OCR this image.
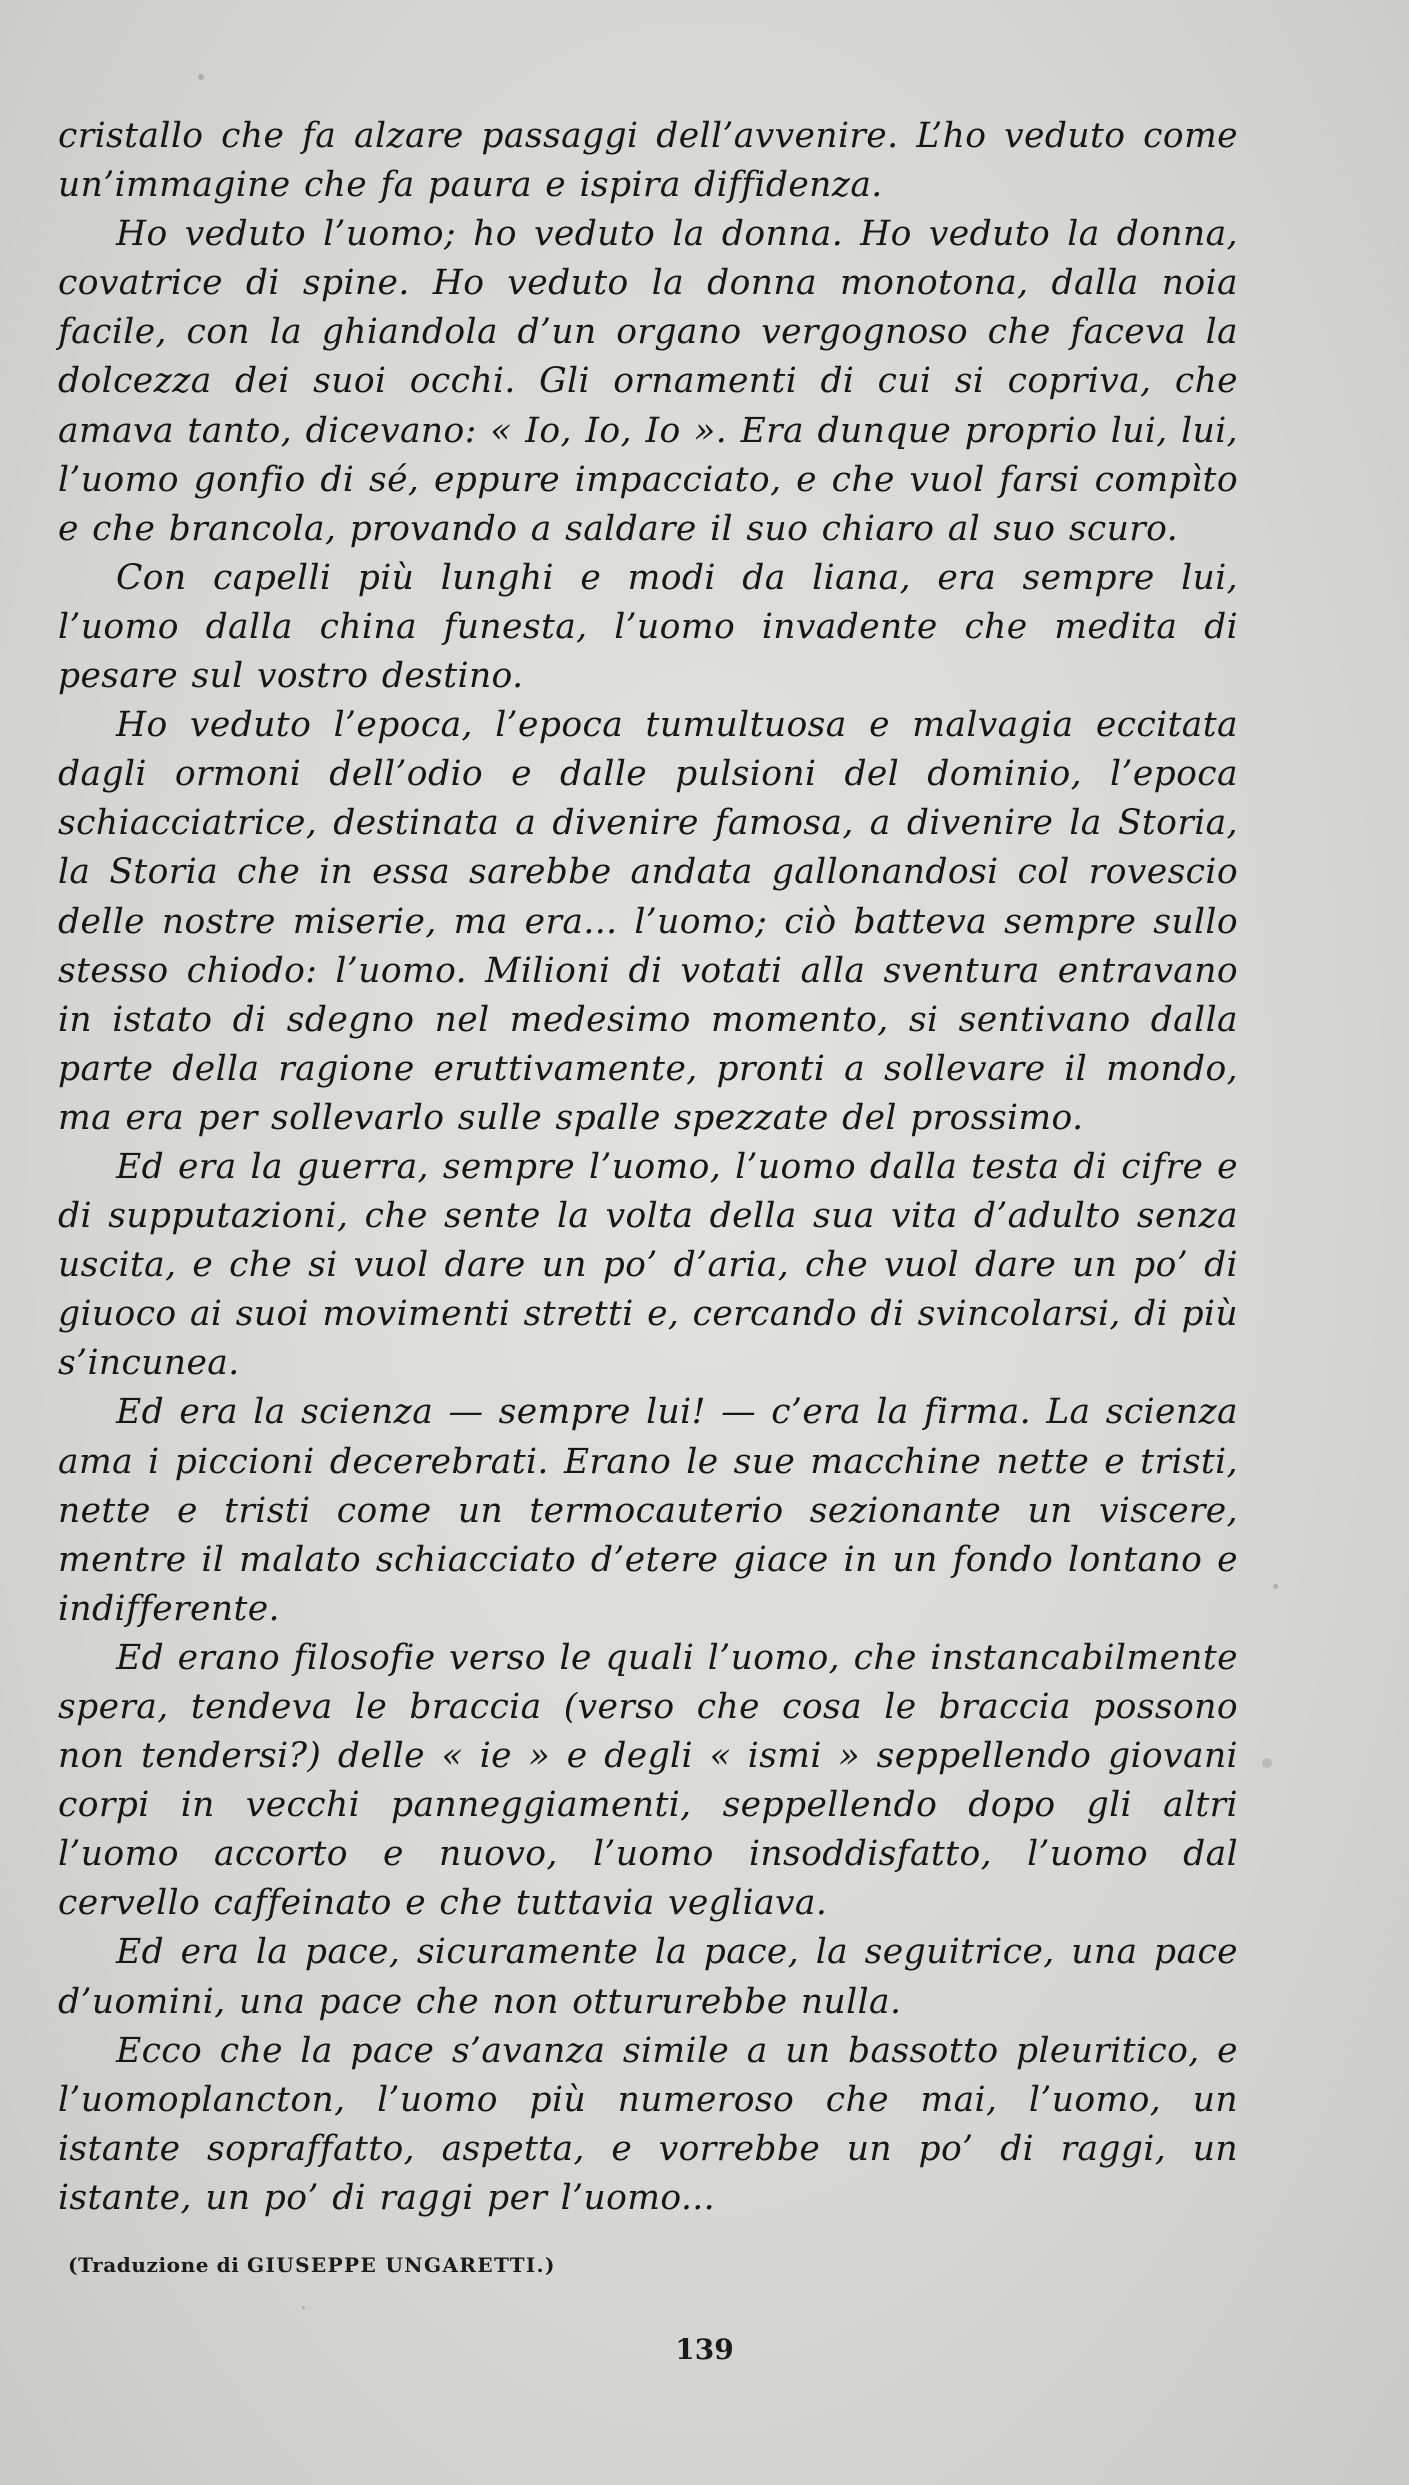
cristallo che fa alzare passaggi dell’avvenire. L’ho veduto come un’immagine che fa paura e ispira diffidenza.

Ho veduto l’uomo; ho veduto la donna. Ho veduto la donna, covatrice di spine. Ho veduto la donna monotona, dalla noia facile, con la ghiandola d’un organo vergognoso che faceva la dolcezza dei suoi occhi. Gli ornamenti di cui si copriva, che amava tanto, dicevano: « Io, Io, Io ». Era dunque proprio lui, lui, l’uomo gonfio di sé, eppure impacciato, e che vuol farsi compìto e che brancola, provando a saldare il suo chiaro al suo scuro.

Con capelli più lunghi e modi da liana, era sempre lui, l’uomo dalla china funesta, l’uomo invadente che medita di pesare sul vostro destino.

Ho veduto l’epoca, l’epoca tumultuosa e malvagia eccitata dagli ormoni dell’odio e dalle pulsioni del dominio, l’epoca schiacciatrice, destinata a divenire famosa, a divenire la Storia, la Storia che in essa sarebbe andata gallonandosi col rovescio delle nostre miserie, ma era... l’uomo; ciò batteva sempre sullo stesso chiodo: l’uomo. Milioni di votati alla sventura entravano in istato di sdegno nel medesimo momento, si sentivano dalla parte della ragione eruttivamente, pronti a sollevare il mondo, ma era per sollevarlo sulle spalle spezzate del prossimo.

Ed era la guerra, sempre l’uomo, l’uomo dalla testa di cifre e di supputazioni, che sente la volta della sua vita d’adulto senza uscita, e che si vuol dare un po’ d’aria, che vuol dare un po’ di giuoco ai suoi movimenti stretti e, cercando di svincolarsi, di più s’incunea.

Ed era la scienza — sempre lui! — c’era la firma. La scienza ama i piccioni decerebrati. Erano le sue macchine nette e tristi, nette e tristi come un termocauterio sezionante un viscere, mentre il malato schiacciato d’etere giace in un fondo lontano e indifferente.

Ed erano filosofie verso le quali l’uomo, che instancabilmente spera, tendeva le braccia (verso che cosa le braccia possono non tendersi?) delle « ie » e degli « ismi » seppellendo giovani corpi in vecchi panneggiamenti, seppellendo dopo gli altri l’uomo accorto e nuovo, l’uomo insoddisfatto, l’uomo dal cervello caffeinato e che tuttavia vegliava.

Ed era la pace, sicuramente la pace, la seguitrice, una pace d’uomini, una pace che non ottururebbe nulla.

Ecco che la pace s’avanza simile a un bassotto pleuritico, e l’uomoplancton, l’uomo più numeroso che mai, l’uomo, un istante sopraffatto, aspetta, e vorrebbe un po’ di raggi, un istante, un po’ di raggi per l’uomo...

(Traduzione di GIUSEPPE UNGARETTI.)
139
